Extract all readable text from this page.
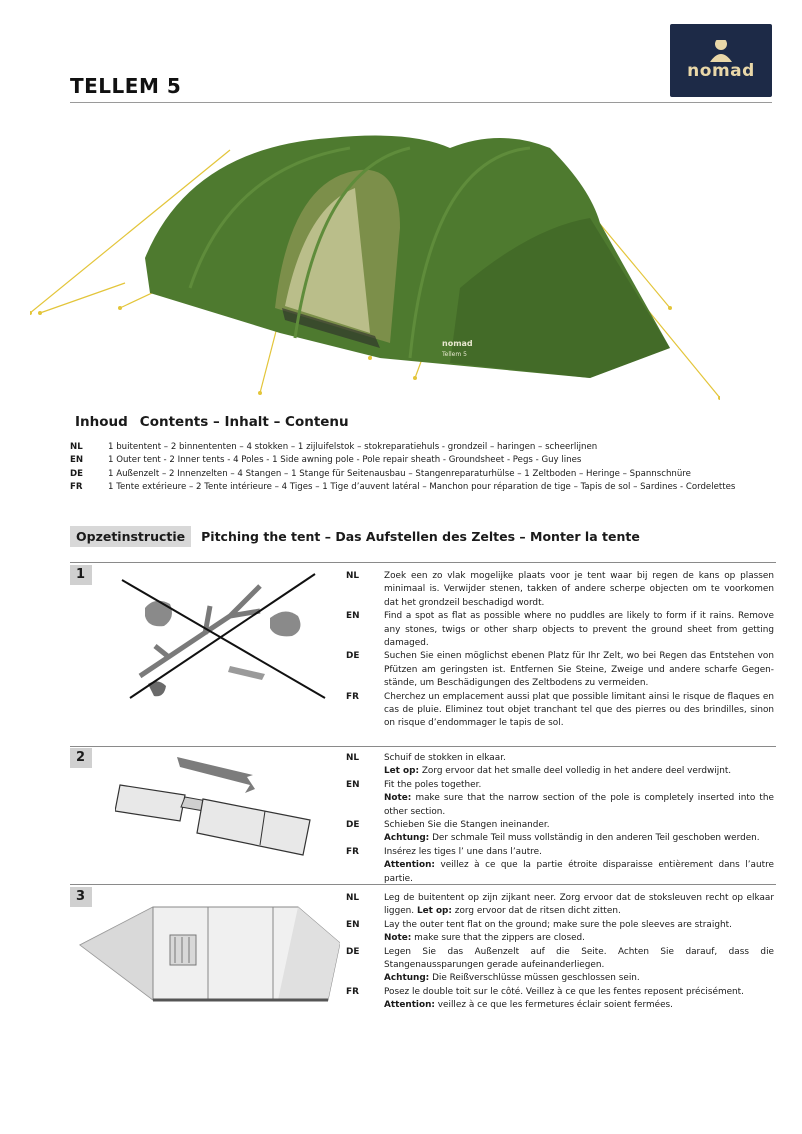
TELLEM 5
nomad
nomad
Tellem 5
Inhoud Contents – Inhalt – Contenu
NL	1 buitentent – 2 binnententen – 4 stokken – 1 zijluifelstok – stokreparatiehuls - grondzeil – haringen – scheerlijnen
EN	1 Outer tent - 2 Inner tents - 4 Poles - 1 Side awning pole - Pole repair sheath - Groundsheet - Pegs - Guy lines
DE	1 Außenzelt – 2 Innenzelten – 4 Stangen – 1 Stange für Seitenausbau – Stangenreparaturhülse – 1 Zeltboden – Heringe – Spannschnüre
FR	1 Tente extérieure – 2 Tente intérieure – 4 Tiges – 1 Tige d’auvent latéral – Manchon pour réparation de tige – Tapis de sol – Sardines - Cordelettes
Opzetinstructie	Pitching the tent – Das Aufstellen des Zeltes – Monter la tente
1	NL	Zoek een zo vlak mogelijke plaats voor je tent waar bij regen de kans op plassen minimaal is. Verwijder stenen, takken of andere scherpe objecten om te voorkomen dat het grondzeil beschadigd wordt.
EN	Find a spot as flat as possible where no puddles are likely to form if it rains. Remove any stones, twigs or other sharp objects to prevent the ground sheet from getting damaged.
DE	Suchen Sie einen möglichst ebenen Platz für Ihr Zelt, wo bei Regen das Entstehen von Pfützen am geringsten ist. Entfernen Sie Steine, Zweige und andere scharfe Gegen-stände, um Beschädigungen des Zeltbodens zu vermeiden.
FR	Cherchez un emplacement aussi plat que possible limitant ainsi le risque de flaques en cas de pluie. Eliminez tout objet tranchant tel que des pierres ou des brindilles, sinon on risque d’endommager le tapis de sol.
2	NL	Schuif de stokken in elkaar.
Let op: Zorg ervoor dat het smalle deel volledig in het andere deel verdwijnt.
EN	Fit the poles together.
Note: make sure that the narrow section of the pole is completely inserted into the other section.
DE	Schieben Sie die Stangen ineinander.
Achtung: Der schmale Teil muss vollständig in den anderen Teil geschoben werden.
FR	Insérez les tiges l’ une dans l’autre.
Attention: veillez à ce que la partie étroite disparaisse entièrement dans l’autre partie.
3	NL	Leg de buitentent op zijn zijkant neer. Zorg ervoor dat de stoksleuven recht op elkaar liggen. Let op: zorg ervoor dat de ritsen dicht zitten.
EN	Lay the outer tent flat on the ground; make sure the pole sleeves are straight.
Note: make sure that the zippers are closed.
DE	Legen Sie das Außenzelt auf die Seite. Achten Sie darauf, dass die Stangenaussparungen gerade aufeinanderliegen.
Achtung: Die Reißverschlüsse müssen geschlossen sein.
FR	Posez le double toit sur le côté. Veillez à ce que les fentes reposent précisément.
Attention: veillez à ce que les fermetures éclair soient fermées.
